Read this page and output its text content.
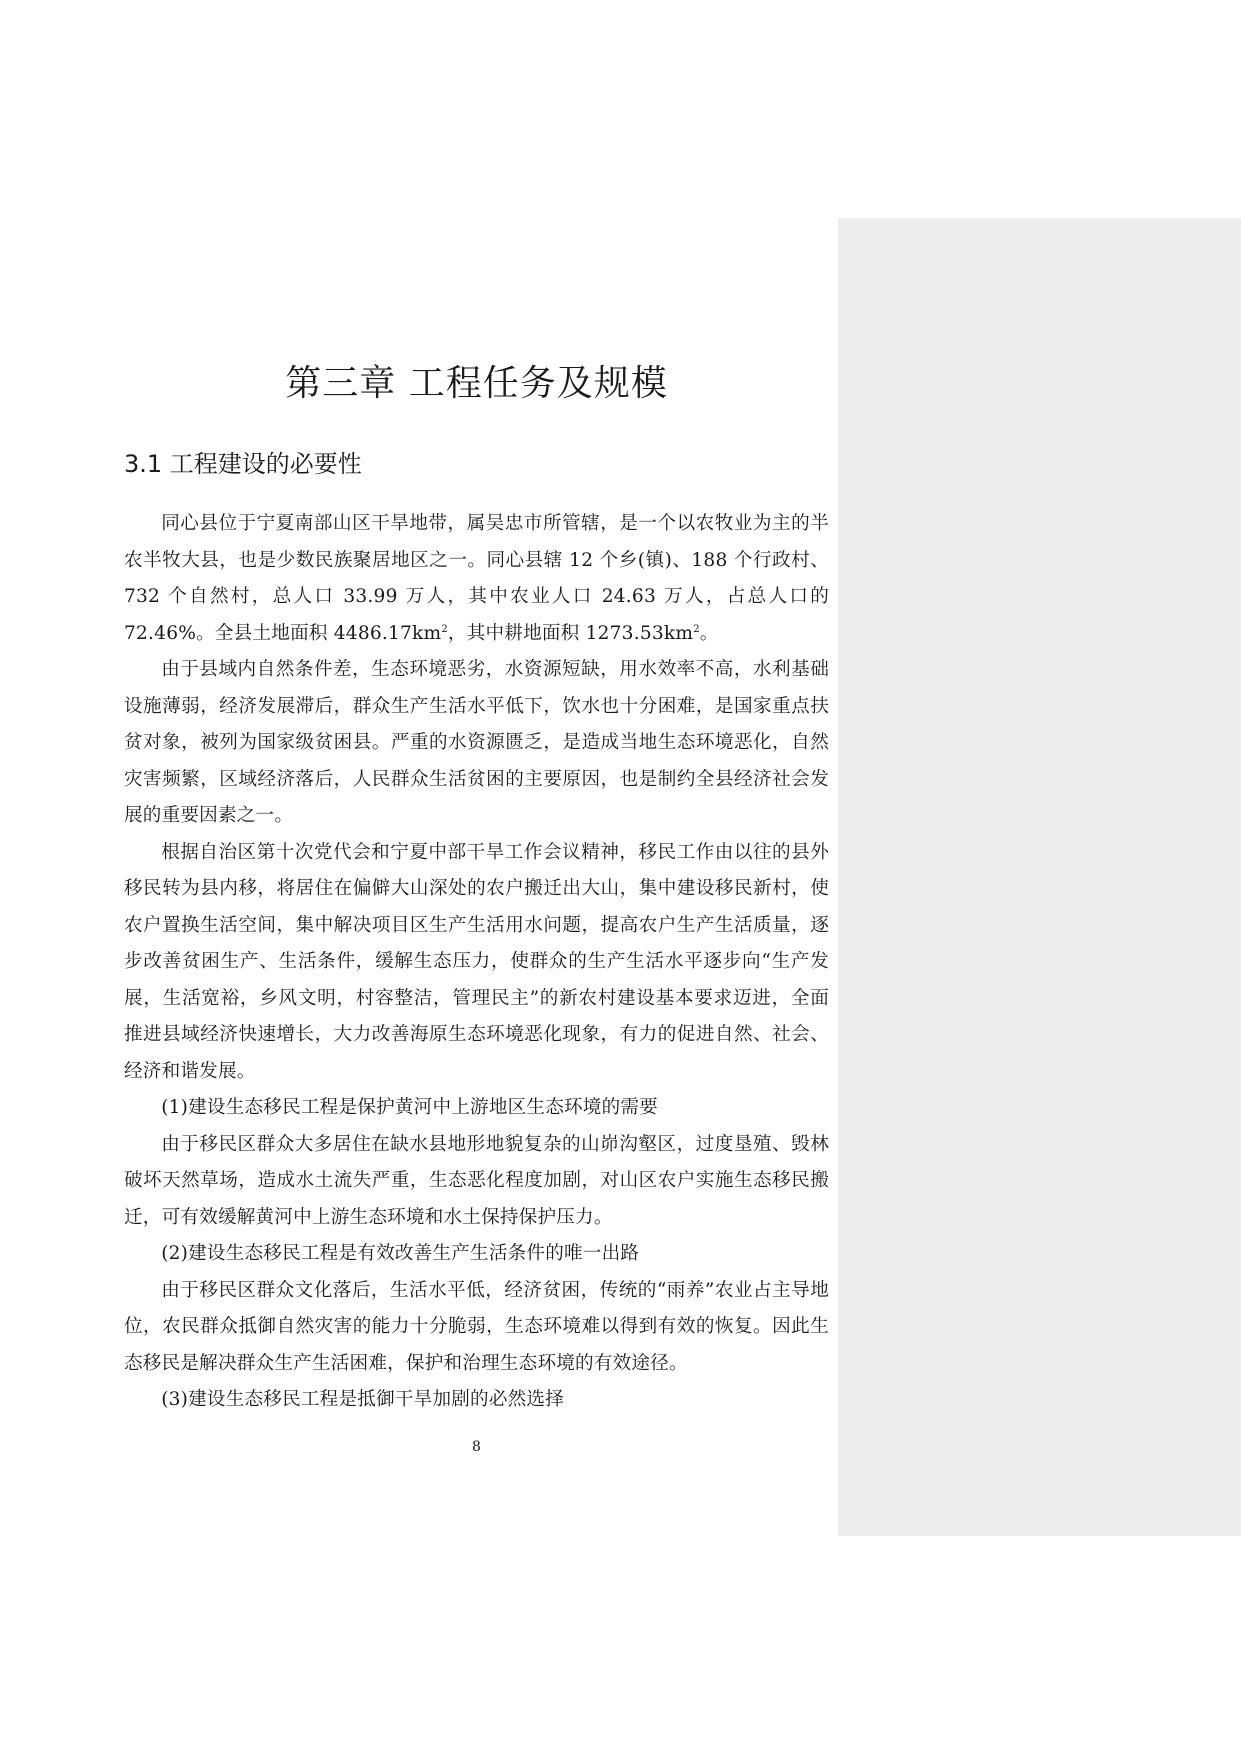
第三章 工程任务及规模
3.1 工程建设的必要性

同心县位于宁夏南部山区干旱地带，属吴忠市所管辖，是一个以农牧业为主的半农半牧大县，也是少数民族聚居地区之一。同心县辖 12 个乡(镇)、188 个行政村、732 个自然村，总人口 33.99 万人，其中农业人口 24.63 万人，占总人口的 72.46%。全县土地面积 $4486.17km^2$，其中耕地面积 $1273.53km^2$。

由于县域内自然条件差，生态环境恶劣，水资源短缺，用水效率不高，水利基础设施薄弱，经济发展滞后，群众生产生活水平低下，饮水也十分困难，是国家重点扶贫对象，被列为国家级贫困县。严重的水资源匮乏，是造成当地生态环境恶化，自然灾害频繁，区域经济落后，人民群众生活贫困的主要原因，也是制约全县经济社会发展的重要因素之一。

根据自治区第十次党代会和宁夏中部干旱工作会议精神，移民工作由以往的县外移民转为县内移，将居住在偏僻大山深处的农户搬迁出大山，集中建设移民新村，使农户置换生活空间，集中解决项目区生产生活用水问题，提高农户生产生活质量，逐步改善贫困生产、生活条件，缓解生态压力，使群众的生产生活水平逐步向“生产发展，生活宽裕，乡风文明，村容整洁，管理民主”的新农村建设基本要求迈进，全面推进县域经济快速增长，大力改善海原生态环境恶化现象，有力的促进自然、社会、经济和谐发展。

(1)建设生态移民工程是保护黄河中上游地区生态环境的需要

由于移民区群众大多居住在缺水县地形地貌复杂的山峁沟壑区，过度垦殖、毁林破坏天然草场，造成水土流失严重，生态恶化程度加剧，对山区农户实施生态移民搬迁，可有效缓解黄河中上游生态环境和水土保持保护压力。

(2)建设生态移民工程是有效改善生产生活条件的唯一出路

由于移民区群众文化落后，生活水平低，经济贫困，传统的“雨养”农业占主导地位，农民群众抵御自然灾害的能力十分脆弱，生态环境难以得到有效的恢复。因此生态移民是解决群众生产生活困难，保护和治理生态环境的有效途径。

(3)建设生态移民工程是抵御干旱加剧的必然选择

8
